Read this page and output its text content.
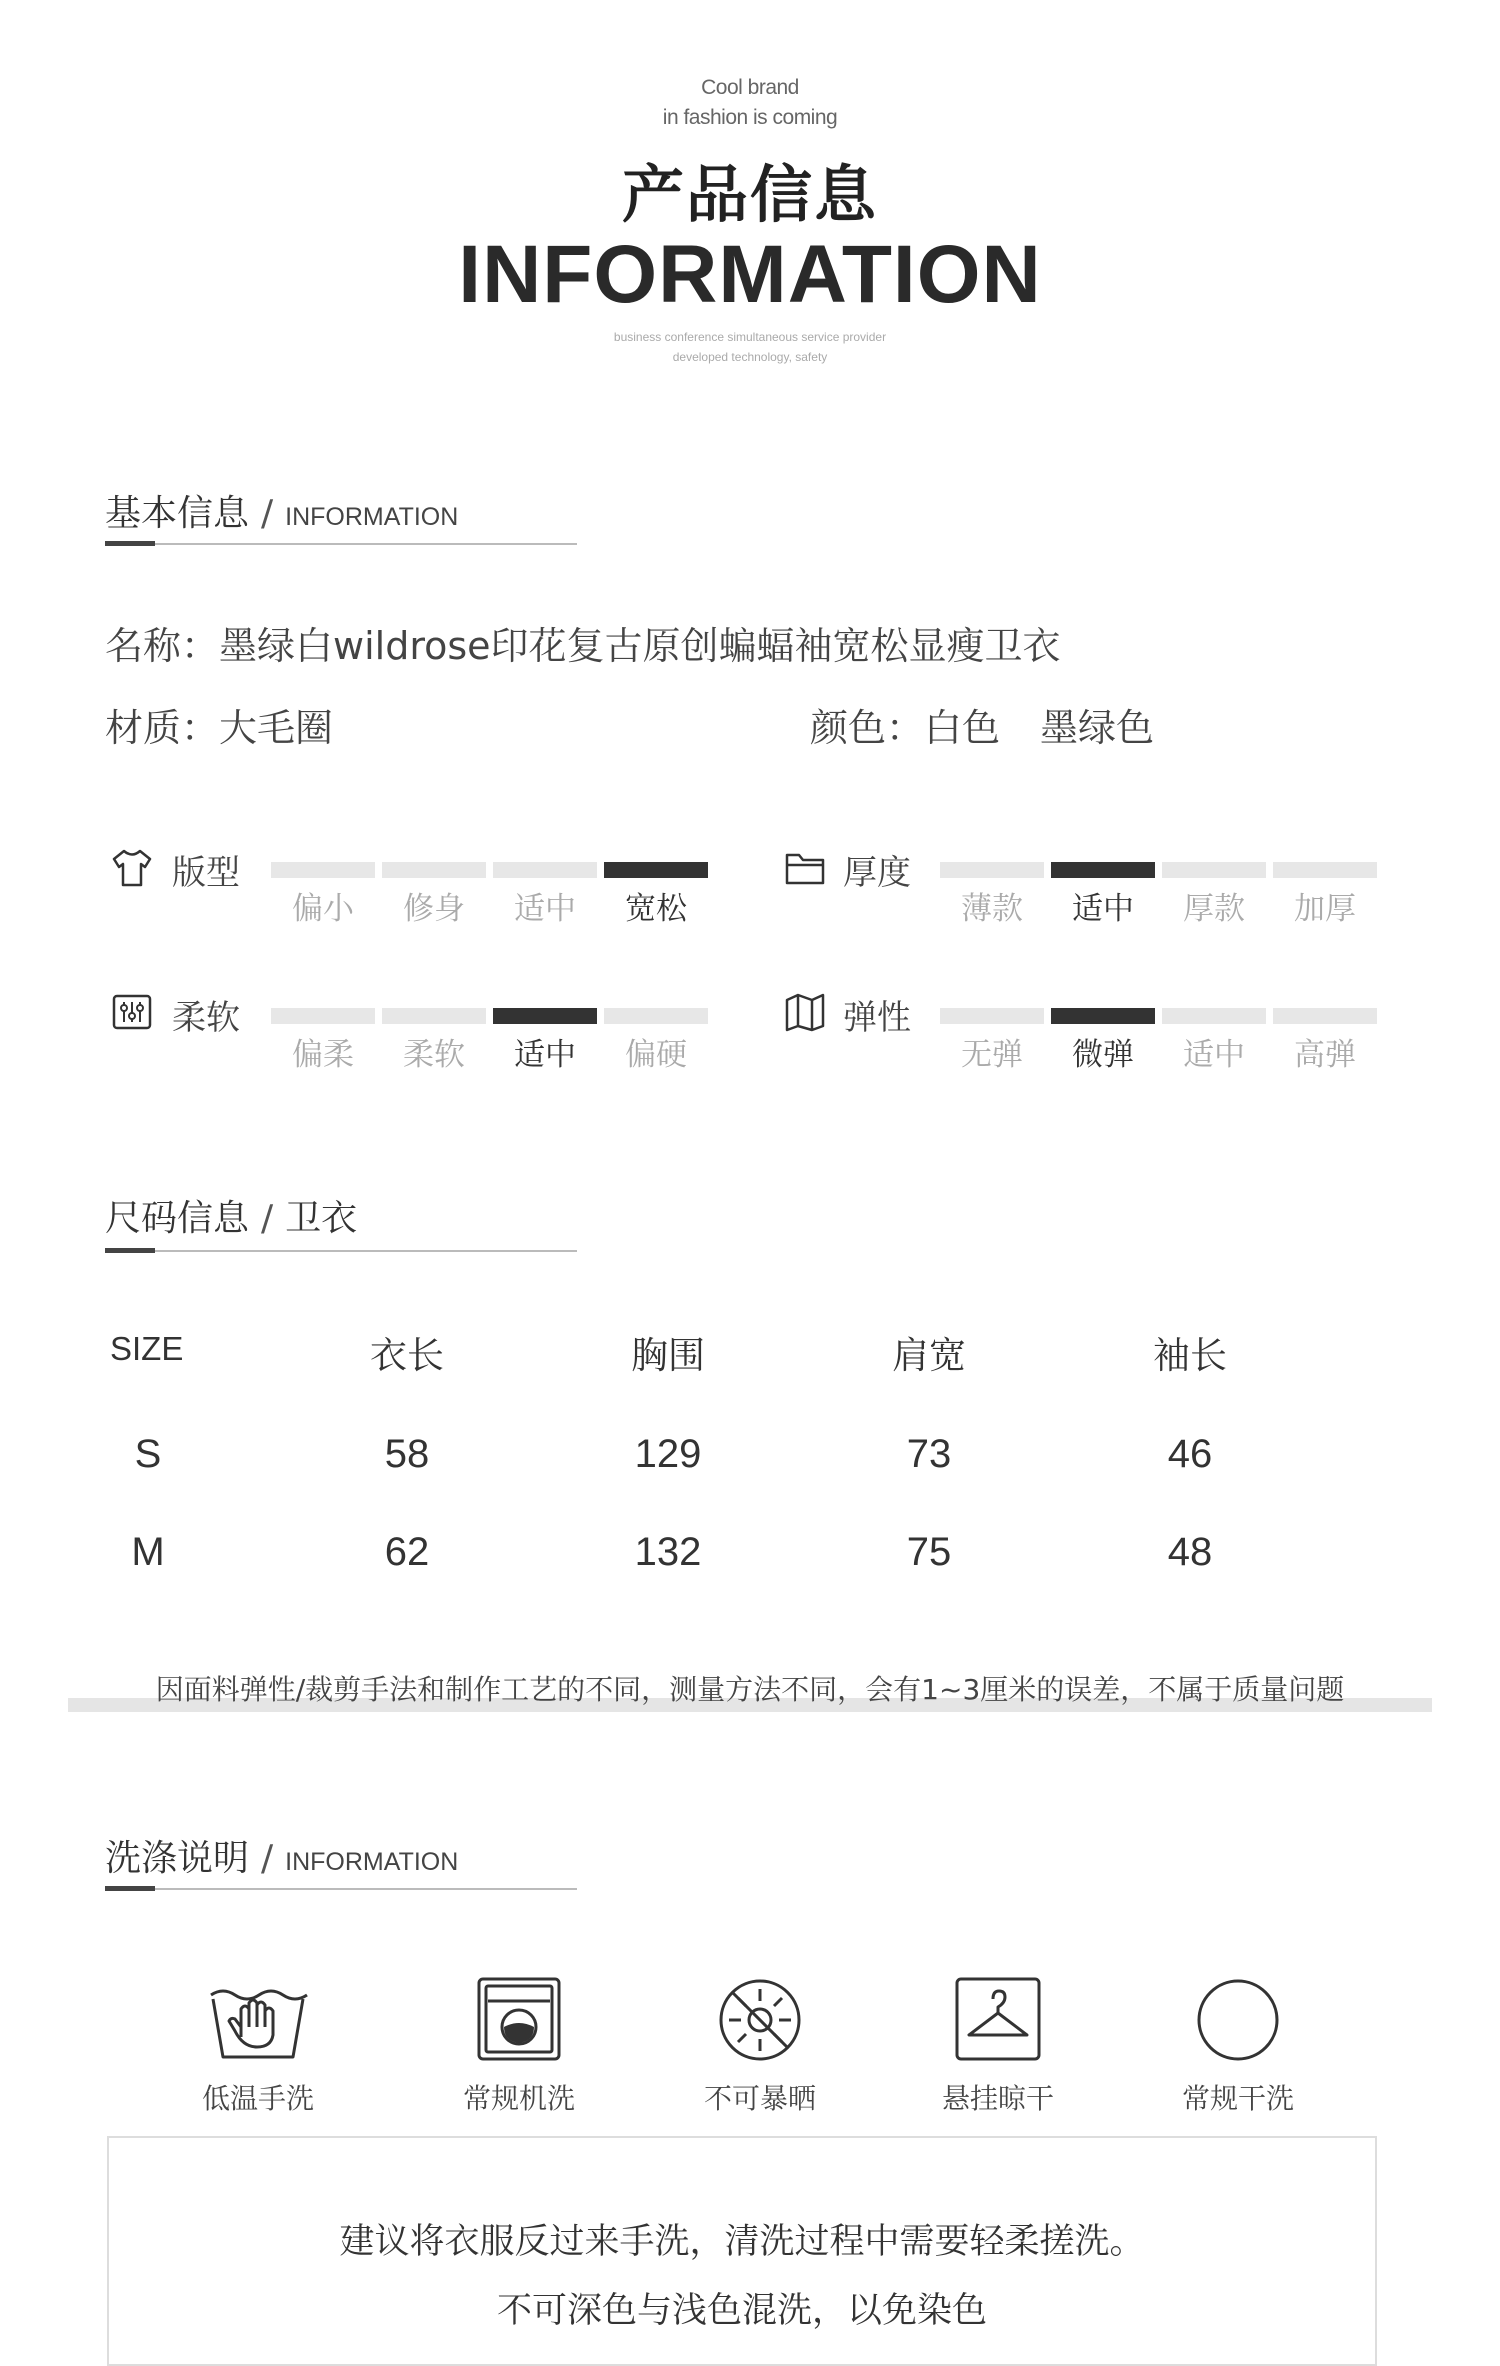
Cool brand
in fashion is coming
产品信息
INFORMATION
business conference simultaneous service provider
developed technology, safety
基本信息 / INFORMATION
名称：墨绿白wildrose印花复古原创蝙蝠袖宽松显瘦卫衣
材质：大毛圈	颜色：白色 墨绿色
版型
偏小	修身	适中	宽松
厚度
薄款	适中	厚款	加厚
柔软
偏柔	柔软	适中	偏硬
弹性
无弹	微弹	适中	高弹
尺码信息 / 卫衣
SIZE	衣长	胸围	肩宽	袖长
S	58	129	73	46
M	62	132	75	48
因面料弹性/裁剪手法和制作工艺的不同，测量方法不同，会有1~3厘米的误差，不属于质量问题
洗涤说明 / INFORMATION
低温手洗	常规机洗	不可暴晒	悬挂晾干	常规干洗
建议将衣服反过来手洗，清洗过程中需要轻柔搓洗。
不可深色与浅色混洗，以免染色
